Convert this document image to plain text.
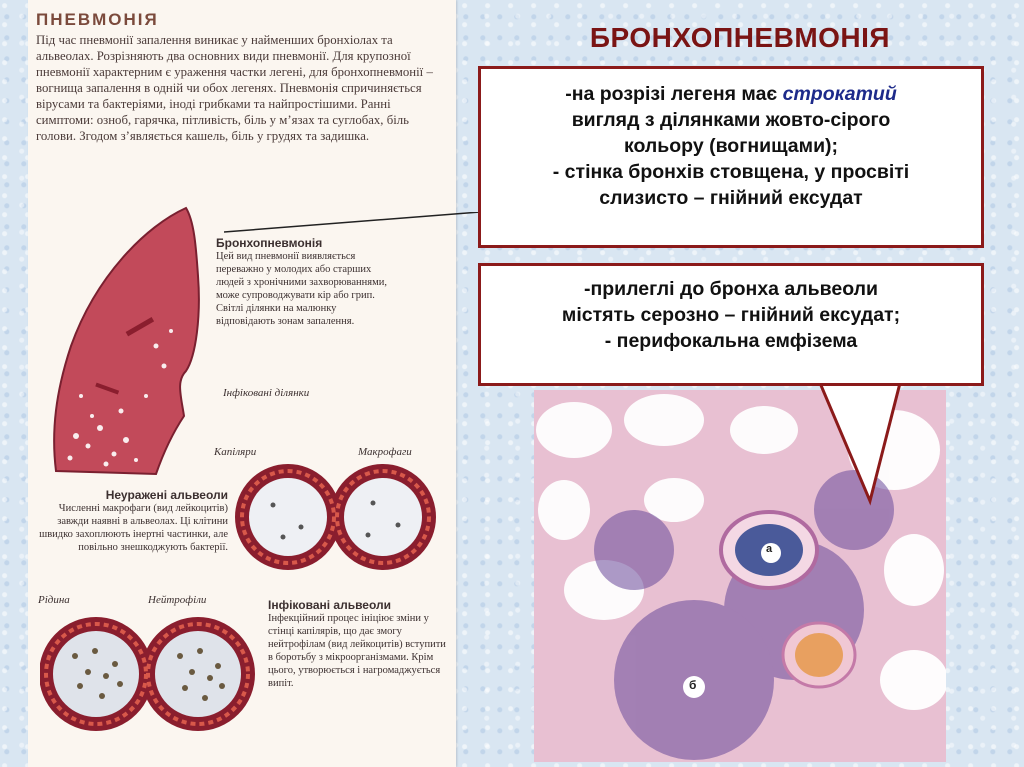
ПНЕВМОНІЯ
Під час пневмонії запалення виникає у найменших бронхіолах та альвеолах. Розрізняють два основних види пневмонії. Для крупозної пневмонії характерним є ураження частки легені, для бронхопневмонії – вогнища запалення в одній чи обох легенях. Пневмонія спричиняється вірусами та бактеріями, іноді грибками та найпростішими. Ранні симптоми: озноб, гарячка, пітливість, біль у м’язах та суглобах, біль голови. Згодом з’являється кашель, біль у грудях та задишка.
Бронхопневмонія
Цей вид пневмонії виявляється переважно у молодих або старших людей з хронічними захворюваннями, може супроводжувати кір або грип. Світлі ділянки на малюнку відповідають зонам запалення.
Інфіковані ділянки
Капіляри	Макрофаги
Неуражені альвеоли
Численні макрофаги (вид лейкоцитів) завжди наявні в альвеолах. Ці клітини швидко захоплюють інертні частинки, але повільно знешкоджують бактерії.
Рідина	Нейтрофіли	Інфіковані альвеоли
Інфекційний процес ініціює зміни у стінці капілярів, що дає змогу нейтрофілам (вид лейкоцитів) вступити в боротьбу з мікроорганізмами. Крім цього, утворюється і нагромаджується випіт.
БРОНХОПНЕВМОНІЯ
а
б
-на розрізі легеня має строкатий
вигляд з ділянками жовто-сірого
кольору (вогнищами);
- стінка бронхів стовщена, у просвіті
слизисто – гнійний ексудат
-прилеглі до бронха альвеоли
містять серозно – гнійний ексудат;
- перифокальна емфізема
